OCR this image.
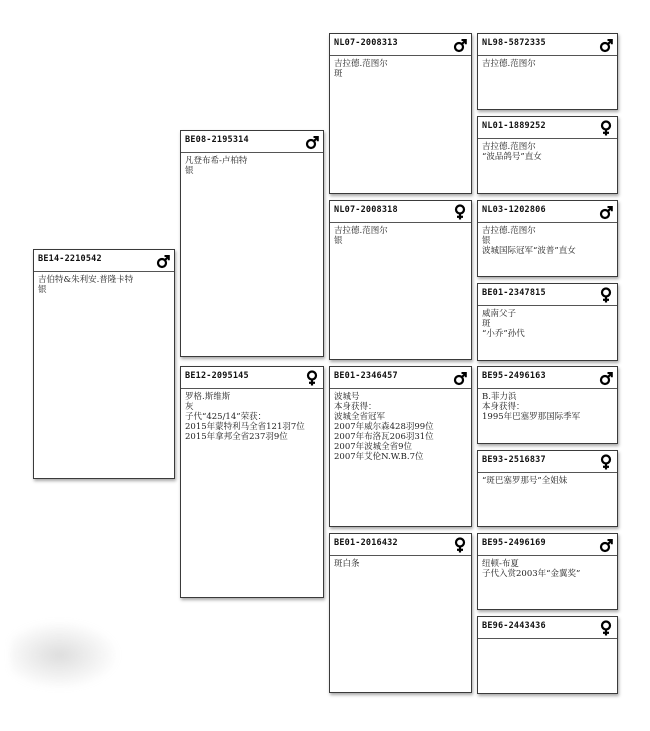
BE14-2210542
吉伯特&朱利安.普隆卡特
银
BE08-2195314
凡登布希-卢柏特
银
BE12-2095145
罗格.斯维斯
灰
子代“425/14”荣获：
2015年蒙特利马全省121羽7位
2015年拿邦全省237羽9位
NL07-2008313
吉拉德.范图尔
斑
NL07-2008318
吉拉德.范图尔
银
BE01-2346457
波城号
本身获得：
波城全省冠军
2007年威尔森428羽99位
2007年布洛瓦206羽31位
2007年波城全省9位
2007年艾伦N.W.B.7位
BE01-2016432
斑白条
NL98-5872335
吉拉德.范图尔
NL01-1889252
吉拉德.范图尔
“波品鸽号”直女
NL03-1202806
吉拉德.范图尔
银
波城国际冠军“波普”直女
BE01-2347815
威南父子
斑
“小乔”孙代
BE95-2496163
B.菲力浜
本身获得：
1995年巴塞罗那国际季军
BE93-2516837
“斑巴塞罗那号”全姐妹
BE95-2496169
纽顿-布夏
子代入赏2003年“金翼奖”
BE96-2443436
